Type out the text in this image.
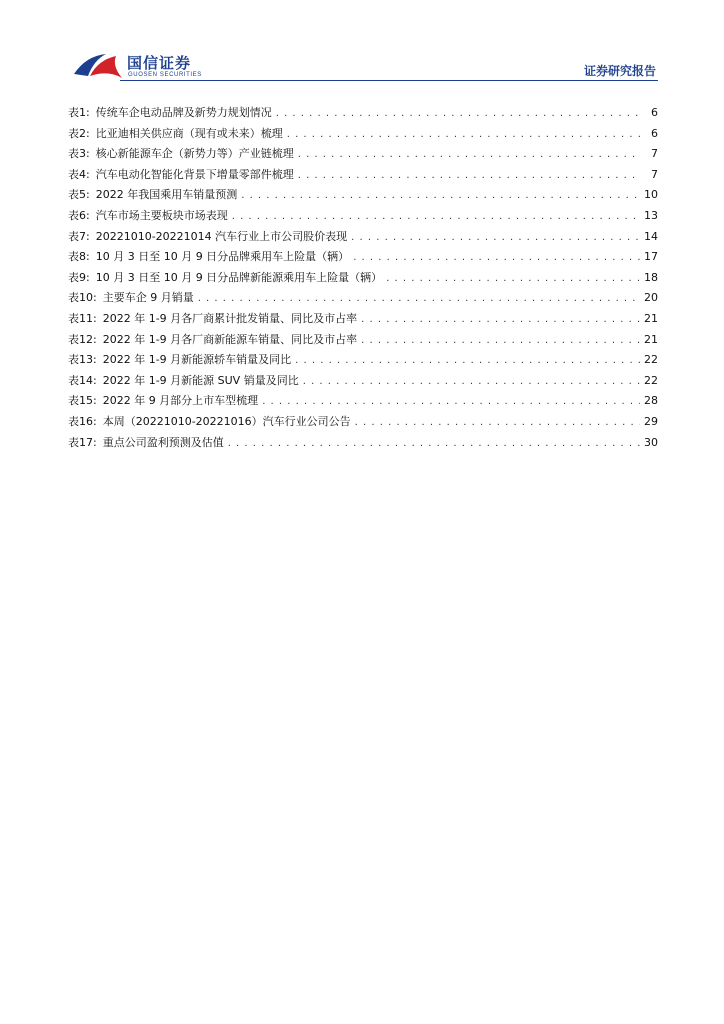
国信证券
GUOSEN SECURITIES	证券研究报告
表1: 传统车企电动品牌及新势力规划情况 . . .	6
表2: 比亚迪相关供应商（现有或未来）梳理 . . .	6
表3: 核心新能源车企（新势力等）产业链梳理 . . .	7
表4: 汽车电动化智能化背景下增量零部件梳理 . . .	7
表5: 2022 年我国乘用车销量预测 . . .	10
表6: 汽车市场主要板块市场表现 . . .	13
表7: 20221010-20221014 汽车行业上市公司股价表现 . . .	14
表8: 10 月 3 日至 10 月 9 日分品牌乘用车上险量（辆） . . .	17
表9: 10 月 3 日至 10 月 9 日分品牌新能源乘用车上险量（辆） . . .	18
表10: 主要车企 9 月销量 . . .	20
表11: 2022 年 1-9 月各厂商累计批发销量、同比及市占率 . . .	21
表12: 2022 年 1-9 月各厂商新能源车销量、同比及市占率 . . .	21
表13: 2022 年 1-9 月新能源轿车销量及同比 . . .	22
表14: 2022 年 1-9 月新能源 SUV 销量及同比 . . .	22
表15: 2022 年 9 月部分上市车型梳理 . . .	28
表16: 本周（20221010-20221016）汽车行业公司公告 . . .	29
表17: 重点公司盈利预测及估值 . . .	30
